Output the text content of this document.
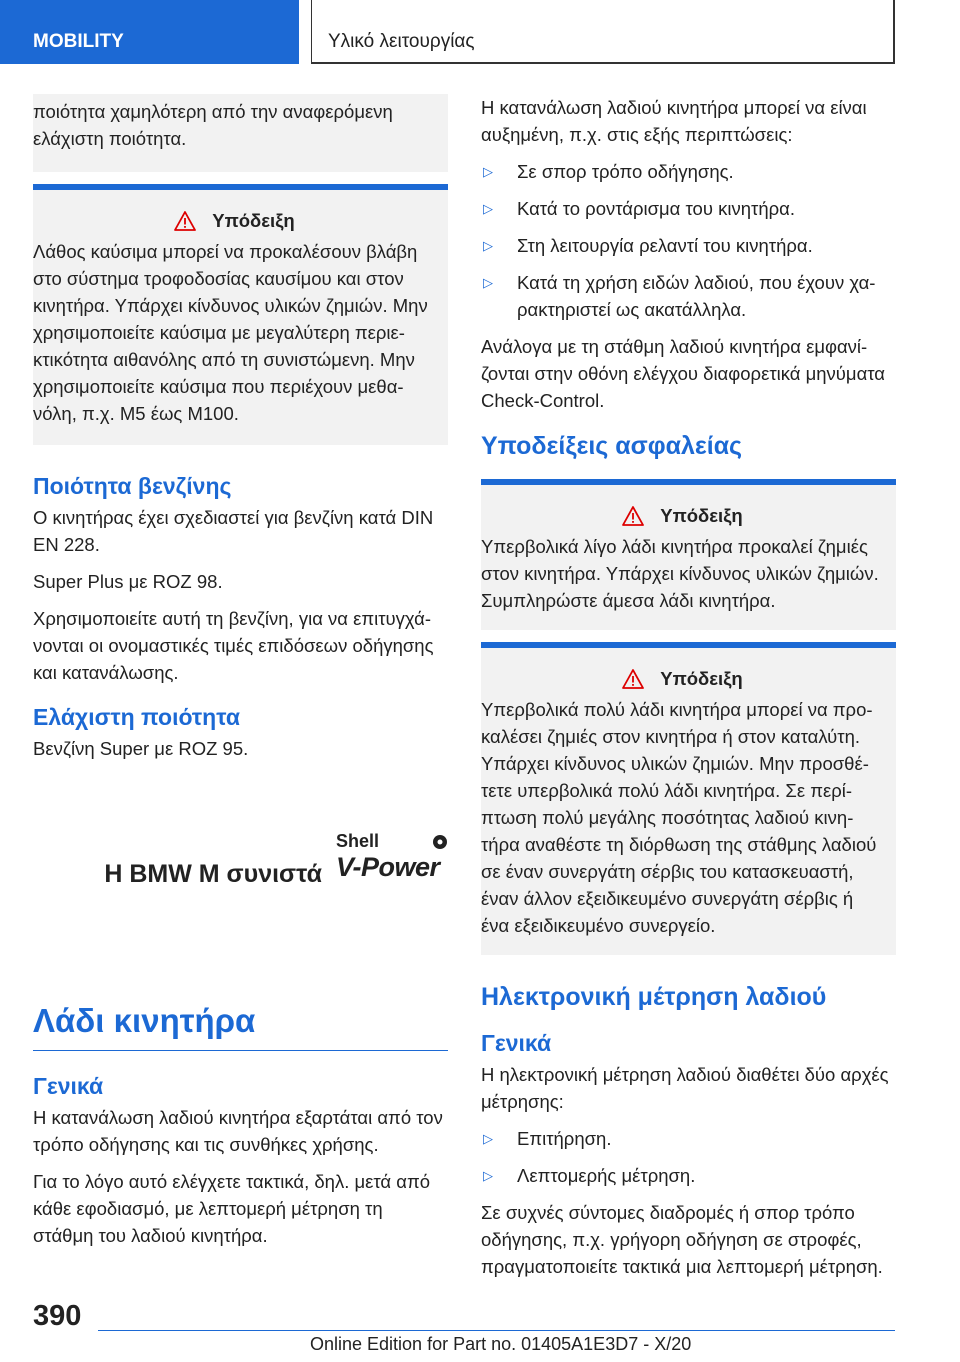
MOBILITY	Υλικό λειτουργίας

ποιότητα χαμηλότερη από την αναφερόμενη ελάχιστη ποιότητα.

Υπόδειξη

Λάθος καύσιμα μπορεί να προκαλέσουν βλάβη στο σύστημα τροφοδοσίας καυσίμου και στον κινητήρα. Υπάρχει κίνδυνος υλικών ζημιών. Μην χρησιμοποιείτε καύσιμα με μεγαλύτερη περιεκτικότητα αιθανόλης από τη συνιστώμενη. Μην χρησιμοποιείτε καύσιμα που περιέχουν μεθανόλη, π.χ. M5 έως M100.

Ποιότητα βενζίνης

Ο κινητήρας έχει σχεδιαστεί για βενζίνη κατά DIN EN 228.

Super Plus με ROZ 98.

Χρησιμοποιείτε αυτή τη βενζίνη, για να επιτυγχάνονται οι ονομαστικές τιμές επιδόσεων οδήγησης και κατανάλωσης.

Ελάχιστη ποιότητα

Βενζίνη Super με ROZ 95.

H BMW M συνιστά
Shell
V-Power
Λάδι κινητήρα
Γενικά

Η κατανάλωση λαδιού κινητήρα εξαρτάται από τον τρόπο οδήγησης και τις συνθήκες χρήσης.

Για το λόγο αυτό ελέγχετε τακτικά, δηλ. μετά από κάθε εφοδιασμό, με λεπτομερή μέτρηση τη στάθμη του λαδιού κινητήρα.

Η κατανάλωση λαδιού κινητήρα μπορεί να είναι αυξημένη, π.χ. στις εξής περιπτώσεις:

▷ Σε σπορ τρόπο οδήγησης.
▷ Κατά το ροντάρισμα του κινητήρα.
▷ Στη λειτουργία ρελαντί του κινητήρα.
▷ Κατά τη χρήση ειδών λαδιού, που έχουν χαρακτηριστεί ως ακατάλληλα.

Ανάλογα με τη στάθμη λαδιού κινητήρα εμφανίζονται στην οθόνη ελέγχου διαφορετικά μηνύματα Check-Control.

Υποδείξεις ασφαλείας
Υπόδειξη

Υπερβολικά λίγο λάδι κινητήρα προκαλεί ζημιές στον κινητήρα. Υπάρχει κίνδυνος υλικών ζημιών. Συμπληρώστε άμεσα λάδι κινητήρα.

Υπόδειξη

Υπερβολικά πολύ λάδι κινητήρα μπορεί να προκαλέσει ζημιές στον κινητήρα ή στον καταλύτη. Υπάρχει κίνδυνος υλικών ζημιών. Μην προσθέτετε υπερβολικά πολύ λάδι κινητήρα. Σε περίπτωση πολύ μεγάλης ποσότητας λαδιού κινητήρα αναθέστε τη διόρθωση της στάθμης λαδιού σε έναν συνεργάτη σέρβις του κατασκευαστή, έναν άλλον εξειδικευμένο συνεργάτη σέρβις ή ένα εξειδικευμένο συνεργείο.

Ηλεκτρονική μέτρηση λαδιού
Γενικά

Η ηλεκτρονική μέτρηση λαδιού διαθέτει δύο αρχές μέτρησης:

▷ Επιτήρηση.
▷ Λεπτομερής μέτρηση.

Σε συχνές σύντομες διαδρομές ή σπορ τρόπο οδήγησης, π.χ. γρήγορη οδήγηση σε στροφές, πραγματοποιείτε τακτικά μια λεπτομερή μέτρηση.

390
Online Edition for Part no. 01405A1E3D7 - X/20
